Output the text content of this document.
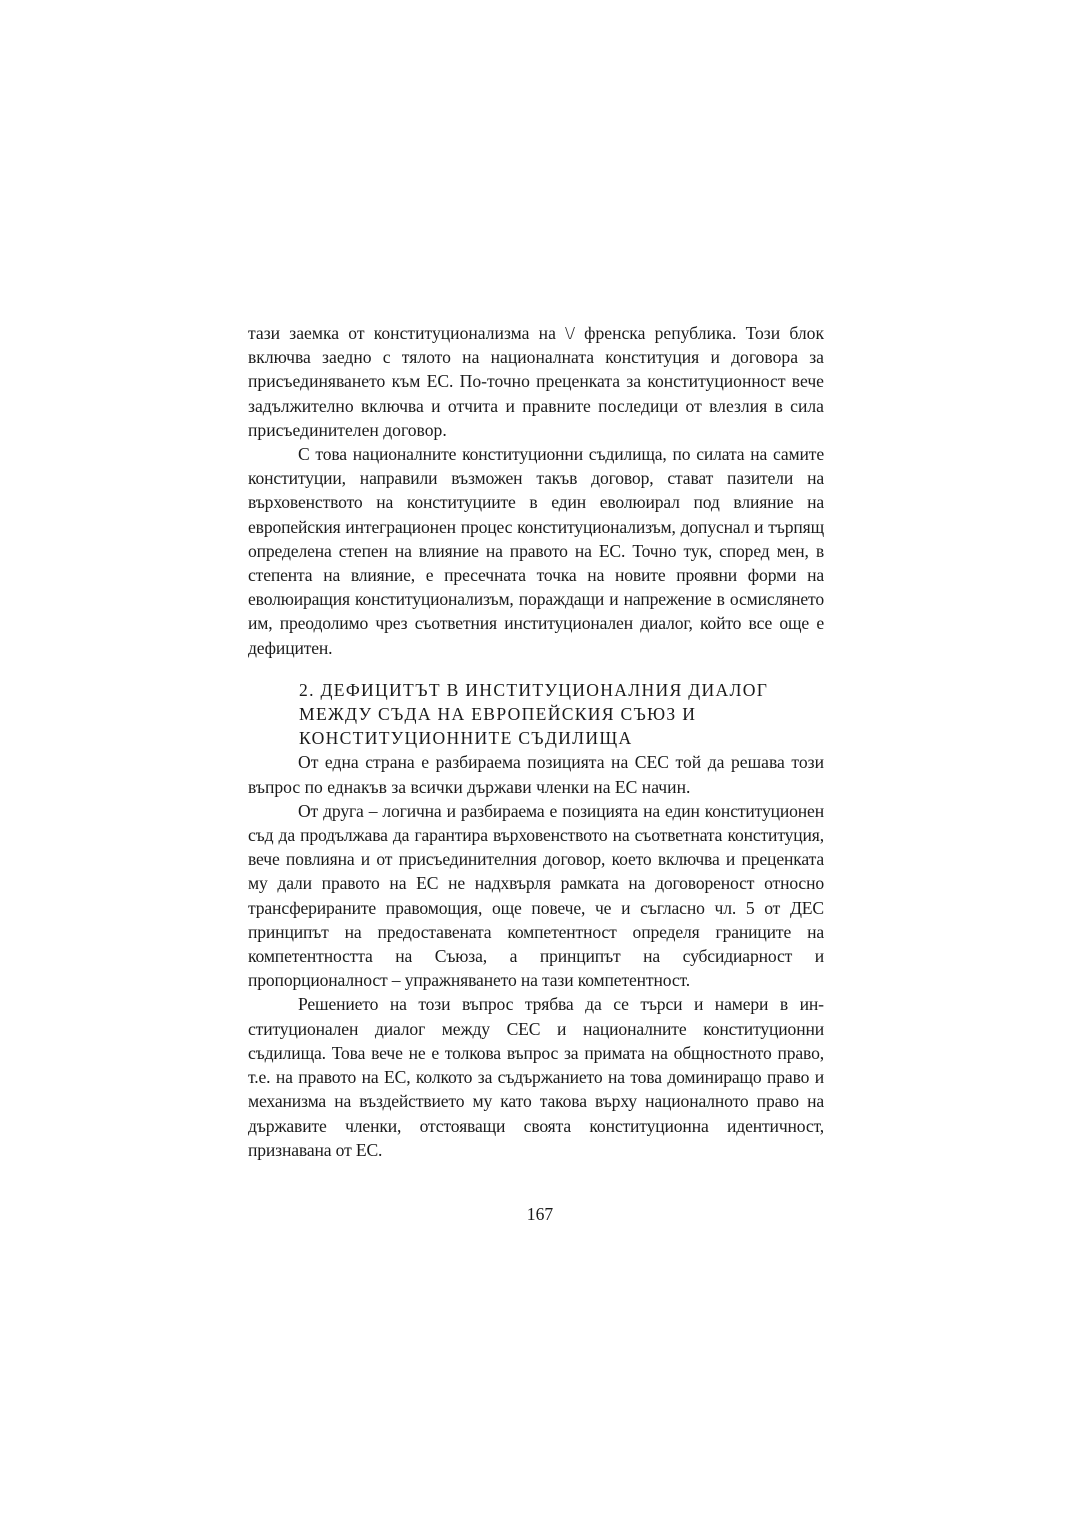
тази заемка от конституционализма на \/ френска република. Този блок включва заедно с тялото на националната конституция и договора за присъединяването към ЕС. По-точно преценката за конституционност вече задължително включва и отчита и правните последици от влезлия в сила присъединителен договор.

С това националните конституционни съдилища, по силата на самите конституции, направили възможен такъв договор, стават пазители на върховенството на конституциите в един еволюирал под влияние на европейския интеграционен процес конституционализъм, допуснал и търпящ определена степен на влияние на правото на ЕС. Точно тук, според мен, в степента на влияние, е пресечната точка на новите проявни форми на еволюиращия конституционализъм, пораждащи и напрежение в осмислянето им, преодолимо чрез съответния институционален диалог, който все още е дефицитен.

2. ДЕФИЦИТЪТ В ИНСТИТУЦИОНАЛНИЯ ДИАЛОГ
МЕЖДУ СЪДА НА ЕВРОПЕЙСКИЯ СЪЮЗ И
КОНСТИТУЦИОННИТЕ СЪДИЛИЩА

От една страна е разбираема позицията на СЕС той да решава този въпрос по еднакъв за всички държави членки на ЕС начин.

От друга – логична и разбираема е позицията на един конституционен съд да продължава да гарантира върховенството на съответната конституция, вече повлияна и от присъединителния договор, което включва и преценката му дали правото на ЕС не надхвърля рамката на договореност относно трансферираните правомощия, още повече, че и съгласно чл. 5 от ДЕС принципът на предоставената компетентност определя границите на компетентността на Съюза, а принципът на субсидиарност и пропорционалност – упражняването на тази компетентност.

Решението на този въпрос трябва да се търси и намери в институционален диалог между СЕС и националните конституционни съдилища. Това вече не е толкова въпрос за примата на общностното право, т.е. на правото на ЕС, колкото за съдържанието на това доминиращо право и механизма на въздействието му като такова върху националното право на държавите членки, отстояващи своята конституционна идентичност, признавана от ЕС.

167
